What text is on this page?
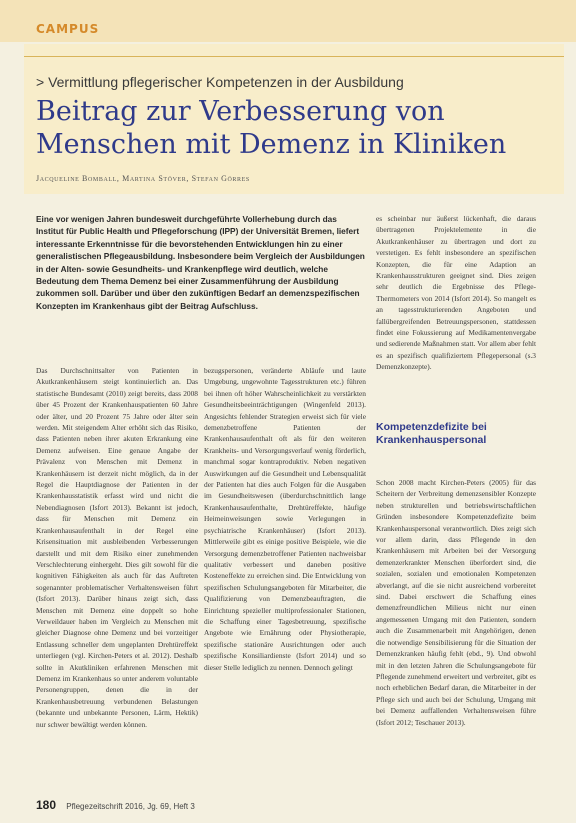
CAMPUS
> Vermittlung pflegerischer Kompetenzen in der Ausbildung
Beitrag zur Verbesserung von Menschen mit Demenz in Kliniken
Jacqueline Bomball, Martina Stöver, Stefan Görres
Eine vor wenigen Jahren bundesweit durchgeführte Vollerhebung durch das Institut für Public Health und Pflegeforschung (IPP) der Universität Bremen, liefert interessante Erkenntnisse für die bevorstehenden Entwicklungen hin zu einer generalistischen Pflegeausbildung. Insbesondere beim Vergleich der Ausbildungen in der Alten- sowie Gesundheits- und Krankenpflege wird deutlich, welche Bedeutung dem Thema Demenz bei einer Zusammenführung der Ausbildung zukommen soll. Darüber und über den zukünftigen Bedarf an demenzspezifischen Konzepten im Krankenhaus gibt der Beitrag Aufschluss.
Das Durchschnittsalter von Patienten in Akutkrankenhäusern steigt kontinuierlich an. Das statistische Bundesamt (2010) zeigt bereits, dass 2008 über 45 Prozent der Krankenhauspatienten 60 Jahre oder älter, und 20 Prozent 75 Jahre oder älter sein werden. Mit steigendem Alter erhöht sich das Risiko, dass Patienten neben ihrer akuten Erkrankung eine Demenz aufweisen. Eine genaue Angabe der Prävalenz von Menschen mit Demenz in Krankenhäusern ist derzeit nicht möglich, da in der Regel die Hauptdiagnose der Patienten in der Krankenhausstatistik erfasst wird und nicht die Nebendiagnosen (Isfort 2013). Bekannt ist jedoch, dass für Menschen mit Demenz ein Krankenhausaufenthalt in der Regel eine Krisensituation mit ausbleibenden Verbesserungen darstellt und mit dem Risiko einer zunehmenden Verschlechterung einhergeht. Dies gilt sowohl für die kognitiven Fähigkeiten als auch für das Auftreten sogenannter problematischer Verhaltensweisen führt (Isfort 2013). Darüber hinaus zeigt sich, dass Menschen mit Demenz eine doppelt so hohe Verweildauer haben im Vergleich zu Menschen mit gleicher Diagnose ohne Demenz und bei vorzeitiger Entlassung schneller dem ungeplanten Drehtüreffekt unterliegen (vgl. Kirchen-Peters et al. 2012). Deshalb sollte in Akutkliniken erfahrenen Menschen mit Demenz im Krankenhaus so unter anderem voluntable Personengruppen, denen die in der Krankenhausbetreuung verbundenen Belastungen (bekannte und unbekannte Personen, Lärm, Hektik) nur schwer bewältigt werden können.
bezugspersonen, veränderte Abläufe und laute Umgebung, ungewohnte Tagesstrukturen etc.) führen bei ihnen oft höher Wahrscheinlichkeit zu verstärkten Gesundheitsbeeinträchtigungen (Wingenfeld 2013). Angesichts fehlender Strategien erweist sich für viele demenzbetroffene Patienten der Krankenhausaufenthalt oft als für den weiteren Krankheits- und Versorgungsverlauf wenig förderlich, manchmal sogar kontraproduktiv. Neben negativen Auswirkungen auf die Gesundheit und Lebensqualität der Patienten hat dies auch Folgen für die Ausgaben im Gesundheitswesen (überdurchschnittlich lange Krankenhausaufenthalte, Drehtüreffekte, häufige Heimeinweisungen sowie Verlegungen in psychiatrische Krankenhäuser) (Isfort 2013). Mittlerweile gibt es einige positive Beispiele, wie die Versorgung demenzbetroffener Patienten nachweisbar qualitativ verbessert und daneben positive Kosteneffekte zu erreichen sind. Die Entwicklung von spezifischen Schulungsangeboten für Mitarbeiter, die Qualifizierung von Demenzbeauftragten, die Einrichtung spezieller multiprofessionaler Stationen, die Schaffung einer Tagesbetreuung, spezifische Angebote wie Ernährung oder Physiotherapie, spezifische stationäre Ausrichtungen oder auch spezifische Konsiliardienste (Isfort 2014) und so dieser Stelle lediglich zu nennen. Dennoch gelingt
es scheinbar nur äußerst lückenhaft, die daraus übertragenen Projektelemente in die Akutkrankenhäuser zu übertragen und dort zu verstetigen. Es fehlt insbesondere an spezifischen Konzepten, die für eine Adaption an Krankenhausstrukturen geeignet sind. Dies zeigen sehr deutlich die Ergebnisse des Pflege-Thermometers von 2014 (Isfort 2014). So mangelt es an tagesstrukturierenden Angeboten und fallübergreifenden Betreuungspersonen, stattdessen findet eine Fokussierung auf Medikamentenvergabe und sedierende Maßnahmen statt. Vor allem aber fehlt es an spezifisch qualifiziertem Pflegepersonal (s.3 Demenzkonzepte).
Kompetenzdefizite bei Krankenhauspersonal
Schon 2008 macht Kirchen-Peters (2005) für das Scheitern der Verbreitung demenzsensibler Konzepte neben strukturellen und betriebswirtschaftlichen Gründen insbesondere Kompetenzdefizite beim Krankenhauspersonal verantwortlich. Dies zeigt sich vor allem darin, dass Pflegende in den Krankenhäusern mit Arbeiten bei der Versorgung demenzerkrankter Menschen überfordert sind, die sozialen, sozialen und emotionalen Kompetenzen abverlangt, auf die sie nicht ausreichend vorbereitet sind. Dabei erschwert die Schaffung eines demenzfreundlichen Milieus nicht nur einen angemessenen Umgang mit den Patienten, sondern auch die Zusammenarbeit mit Angehörigen, denen die notwendige Sensibilisierung für die Situation der Demenzkranken häufig fehlt (ebd., 9). Und obwohl mit in den letzten Jahren die Schulungsangebote für Pflegende zunehmend erweitert und verbreitet, gibt es noch erheblichen Bedarf daran, die Mitarbeiter in der Pflege sich und auch bei der Schulung, Umgang mit bei Demenz auffallenden Verhaltensweisen führe (Isfort 2012; Teschauer 2013).
180 Pflegezeitschrift 2016, Jg. 69, Heft 3
